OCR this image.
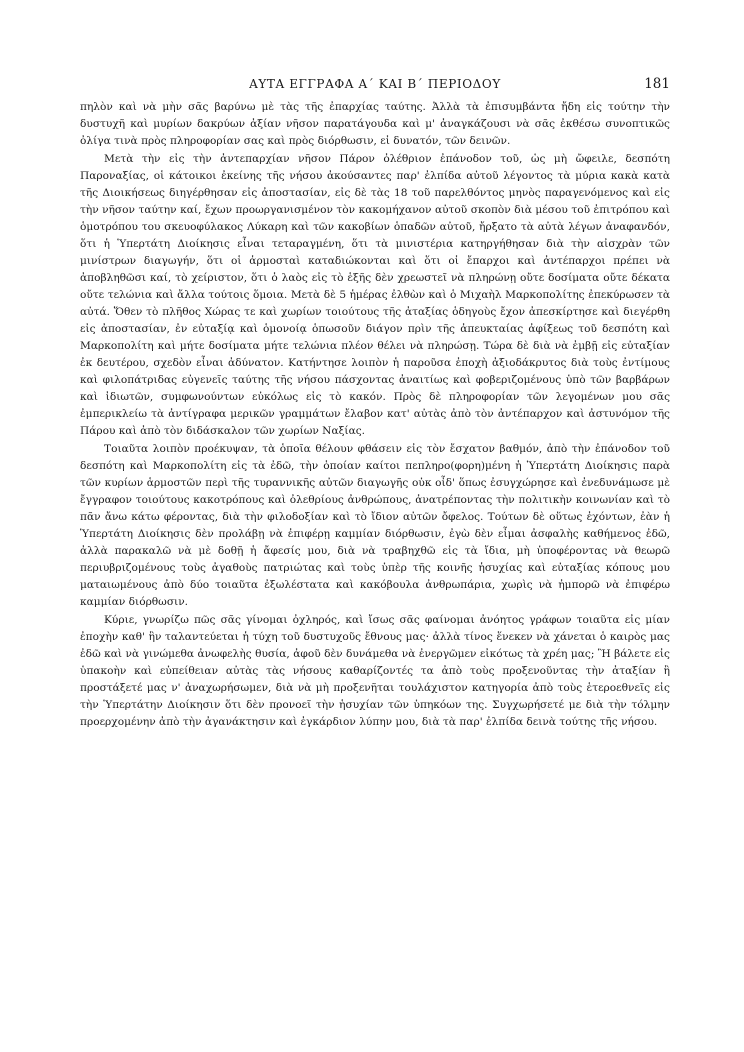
ΑΥΤΑ ΕΓΓΡΑΦΑ Α΄ ΚΑΙ Β΄ ΠΕΡΙΟΔΟΥ	181

πηλὸν καὶ νὰ μὴν σᾶς βαρύνω μὲ τὰς τῆς ἐπαρχίας ταύτης. Ἀλλὰ τὰ ἐπισυμβάντα ἤδη εἰς τούτην τὴν δυστυχῆ καὶ μυρίων δακρύων ἀξίαν νῆσον παρατάγουδα καὶ μ' ἀναγκάζουσι νὰ σᾶς ἐκθέσω συνοπτικῶς ὀλίγα τινὰ πρὸς πληροφορίαν σας καὶ πρὸς διόρθωσιν, εἰ δυνατόν, τῶν δεινῶν.

Μετὰ τὴν εἰς τὴν ἀντεπαρχίαν νῆσον Πάρον ὀλέθριον ἐπάνοδον τοῦ, ὡς μὴ ὤφειλε, δεσπότη Παροναξίας, οἱ κάτοικοι ἐκείνης τῆς νήσου ἀκούσαντες παρ' ἐλπίδα αὐτοῦ λέγοντος τὰ μύρια κακὰ κατὰ τῆς Διοικήσεως διηγέρθησαν εἰς ἀποστασίαν, εἰς δὲ τὰς 18 τοῦ παρελθόντος μηνὸς παραγενόμενος καὶ εἰς τὴν νῆσον ταύτην καί, ἔχων προωργανισμένον τὸν κακομήχανον αὐτοῦ σκοπὸν διὰ μέσου τοῦ ἐπιτρόπου καὶ ὁμοτρόπου του σκευοφύλακος Λύκαρη καὶ τῶν κακοβίων ὁπαδῶν αὐτοῦ, ἤρξατο τὰ αὐτὰ λέγων ἀναφανδόν, ὅτι ἡ Ὑπερτάτη Διοίκησις εἶναι τεταραγμένη, ὅτι τὰ μινιστέρια κατηργήθησαν διὰ τὴν αἰσχρὰν τῶν μινίστρων διαγωγήν, ὅτι οἱ ἁρμοσταὶ καταδιώκονται καὶ ὅτι οἱ ἔπαρχοι καὶ ἀντέπαρχοι πρέπει νὰ ἀποβληθῶσι καί, τὸ χείριστον, ὅτι ὁ λαὸς εἰς τὸ ἑξῆς δὲν χρεωστεῖ νὰ πληρώνῃ οὔτε δοσίματα οὔτε δέκατα οὔτε τελώνια καὶ ἄλλα τούτοις ὅμοια. Μετὰ δὲ 5 ἡμέρας ἐλθὼν καὶ ὁ Μιχαὴλ Μαρκοπολίτης ἐπεκύρωσεν τὰ αὐτά. Ὅθεν τὸ πλῆθος Χώρας τε καὶ χωρίων τοιούτους τῆς ἀταξίας ὁδηγοὺς ἔχον ἀπεσκίρτησε καὶ διεγέρθη εἰς ἀποστασίαν, ἐν εὐταξίᾳ καὶ ὁμονοίᾳ ὁπωσοῦν διάγον πρὶν τῆς ἀπευκταίας ἀφίξεως τοῦ δεσπότη καὶ Μαρκοπολίτη καὶ μήτε δοσίματα μήτε τελώνια πλέον θέλει νὰ πληρώσῃ. Τώρα δὲ διὰ νὰ ἐμβῇ εἰς εὐταξίαν ἐκ δευτέρου, σχεδὸν εἶναι ἀδύνατον. Κατήντησε λοιπὸν ἡ παροῦσα ἐποχὴ ἀξιοδάκρυτος διὰ τοὺς ἐντίμους καὶ φιλοπάτριδας εὐγενεῖς ταύτης τῆς νήσου πάσχοντας ἀναιτίως καὶ φοβεριζομένους ὑπὸ τῶν βαρβάρων καὶ ἰδιωτῶν, συμφωνούντων εὐκόλως εἰς τὸ κακόν. Πρὸς δὲ πληροφορίαν τῶν λεγομένων μου σᾶς ἐμπερικλείω τὰ ἀντίγραφα μερικῶν γραμμάτων ἔλαβον κατ' αὐτὰς ἀπὸ τὸν ἀντέπαρχον καὶ ἀστυνόμον τῆς Πάρου καὶ ἀπὸ τὸν διδάσκαλον τῶν χωρίων Ναξίας.

Τοιαῦτα λοιπὸν προέκυψαν, τὰ ὁποῖα θέλουν φθάσειν εἰς τὸν ἔσχατον βαθμόν, ἀπὸ τὴν ἐπάνοδον τοῦ δεσπότη καὶ Μαρκοπολίτη εἰς τὰ ἐδῶ, τὴν ὁποίαν καίτοι πεπληρο(φορη)μένη ἡ Ὑπερτάτη Διοίκησις παρὰ τῶν κυρίων ἁρμοστῶν περὶ τῆς τυραννικῆς αὐτῶν διαγωγῆς οὐκ οἶδ' ὅπως ἐσυγχώρησε καὶ ἐνεδυνάμωσε μὲ ἔγγραφον τοιούτους κακοτρόπους καὶ ὀλεθρίους ἀνθρώπους, ἀνατρέποντας τὴν πολιτικὴν κοινωνίαν καὶ τὸ πᾶν ἄνω κάτω φέροντας, διὰ τὴν φιλοδοξίαν καὶ τὸ ἴδιον αὐτῶν ὄφελος. Τούτων δὲ οὕτως ἐχόντων, ἐὰν ἡ Ὑπερτάτη Διοίκησις δὲν προλάβῃ νὰ ἐπιφέρῃ καμμίαν διόρθωσιν, ἐγὼ δὲν εἶμαι ἀσφαλὴς καθήμενος ἐδῶ, ἀλλὰ παρακαλῶ νὰ μὲ δοθῇ ἡ ἄφεσίς μου, διὰ νὰ τραβηχθῶ εἰς τὰ ἴδια, μὴ ὑποφέροντας νὰ θεωρῶ περιυβριζομένους τοὺς ἀγαθοὺς πατριώτας καὶ τοὺς ὑπὲρ τῆς κοινῆς ἡσυχίας καὶ εὐταξίας κόπους μου ματαιωμένους ἀπὸ δύο τοιαῦτα ἐξωλέστατα καὶ κακόβουλα ἀνθρωπάρια, χωρὶς νὰ ἠμπορῶ νὰ ἐπιφέρω καμμίαν διόρθωσιν.

Κύριε, γνωρίζω πῶς σᾶς γίνομαι ὀχληρός, καὶ ἴσως σᾶς φαίνομαι ἀνόητος γράφων τοιαῦτα εἰς μίαν ἐποχὴν καθ' ἣν ταλαντεύεται ἡ τύχη τοῦ δυστυχοῦς ἔθνους μας· ἀλλὰ τίνος ἕνεκεν νὰ χάνεται ὁ καιρὸς μας ἐδῶ καὶ νὰ γινώμεθα ἀνωφελὴς θυσία, ἀφοῦ δὲν δυνάμεθα νὰ ἐνεργῶμεν εἰκότως τὰ χρέη μας; Ἢ βάλετε εἰς ὑπακοὴν καὶ εὐπείθειαν αὐτὰς τὰς νήσους καθαρίζοντές τα ἀπὸ τοὺς προξενοῦντας τὴν ἀταξίαν ἢ προστάξετέ μας ν' ἀναχωρήσωμεν, διὰ νὰ μὴ προξενῆται τουλάχιστον κατηγορία ἀπὸ τοὺς ἑτεροεθνεῖς εἰς τὴν Ὑπερτάτην Διοίκησιν ὅτι δὲν προνοεῖ τὴν ἡσυχίαν τῶν ὑπηκόων της. Συγχωρήσετέ με διὰ τὴν τόλμην προερχομένην ἀπὸ τὴν ἀγανάκτησιν καὶ ἐγκάρδιον λύπην μου, διὰ τὰ παρ' ἐλπίδα δεινὰ τούτης τῆς νήσου.
